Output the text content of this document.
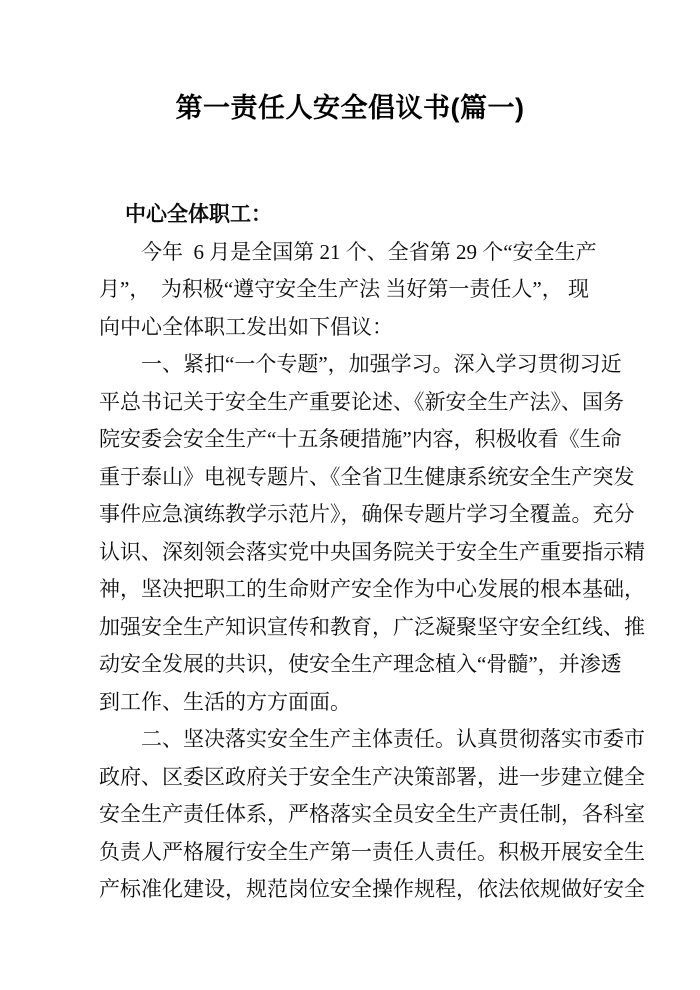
第一责任人安全倡议书(篇一)
中心全体职工：
今年  6 月是全国第 21 个、全省第 29 个“安全生产
月”，　为积极“遵守安全生产法 当好第一责任人”， 现
向中心全体职工发出如下倡议：
一、紧扣“一个专题”，加强学习。深入学习贯彻习近
平总书记关于安全生产重要论述、《新安全生产法》、国务
院安委会安全生产“十五条硬措施”内容，积极收看《生命
重于泰山》电视专题片、《全省卫生健康系统安全生产突发
事件应急演练教学示范片》，确保专题片学习全覆盖。充分
认识、深刻领会落实党中央国务院关于安全生产重要指示精
神，坚决把职工的生命财产安全作为中心发展的根本基础，
加强安全生产知识宣传和教育，广泛凝聚坚守安全红线、推
动安全发展的共识，使安全生产理念植入“骨髓”，并渗透
到工作、生活的方方面面。
二、坚决落实安全生产主体责任。认真贯彻落实市委市
政府、区委区政府关于安全生产决策部署，进一步建立健全
安全生产责任体系，严格落实全员安全生产责任制，各科室
负责人严格履行安全生产第一责任人责任。积极开展安全生
产标准化建设，规范岗位安全操作规程，依法依规做好安全
